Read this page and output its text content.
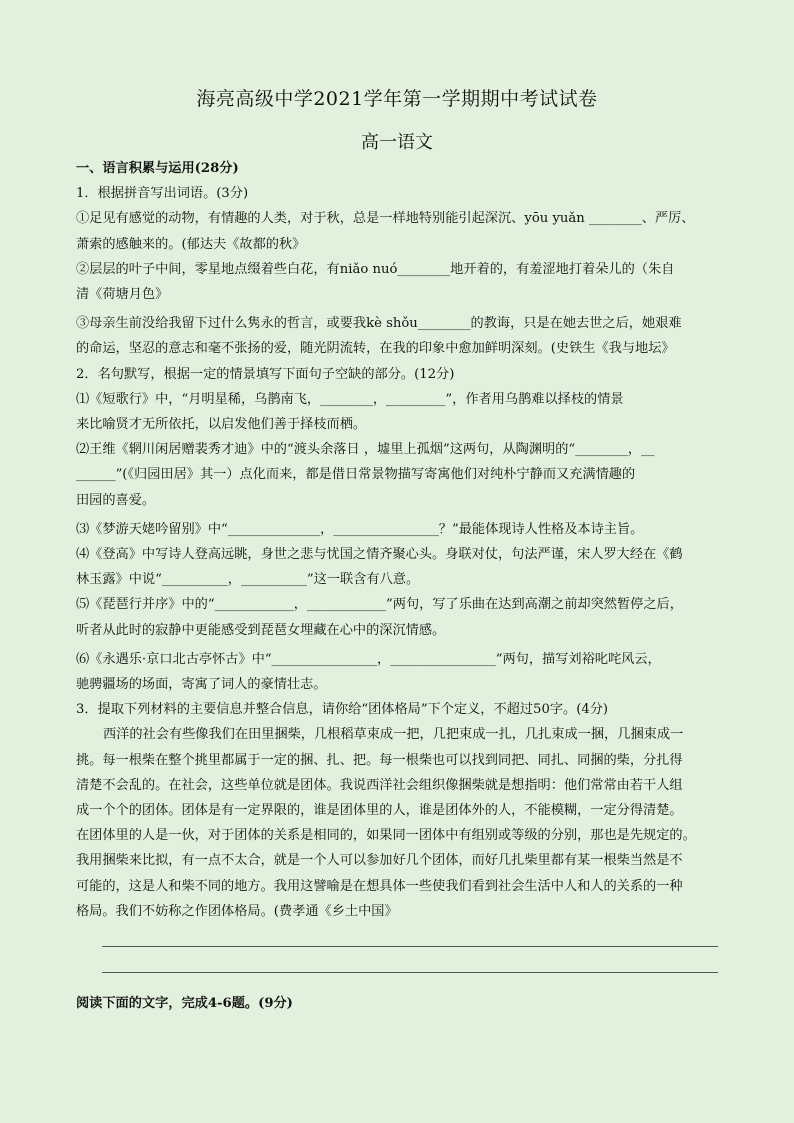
海亮高级中学2021学年第一学期期中考试试卷
高一语文
一、语言积累与运用(28分)
1．根据拼音写出词语。(3分)
①足见有感觉的动物，有情趣的人类，对于秋，总是一样地特别能引起深沉、yōu yuǎn ________、严厉、
萧索的感触来的。(郁达夫《故都的秋》
②层层的叶子中间，零星地点缀着些白花，有niǎo nuó________地开着的，有羞涩地打着朵儿的（朱自
清《荷塘月色》
③母亲生前没给我留下过什么隽永的哲言，或要我kè shǒu________的教诲，只是在她去世之后，她艰难
的命运，坚忍的意志和毫不张扬的爱，随光阴流转，在我的印象中愈加鲜明深刻。(史铁生《我与地坛》
2．名句默写，根据一定的情景填写下面句子空缺的部分。(12分)
⑴《短歌行》中，“月明星稀，乌鹊南飞，________，_________”，作者用乌鹊难以择枝的情景
来比喻贤才无所依托，以启发他们善于择枝而栖。
⑵王维《辋川闲居赠裴秀才迪》中的“渡头余落日 ，墟里上孤烟”这两句，从陶渊明的“________，__
______”(《归园田居》其一）点化而来，都是借日常景物描写寄寓他们对纯朴宁静而又充满情趣的
田园的喜爱。
⑶《梦游天姥吟留别》中“______________，________________？”最能体现诗人性格及本诗主旨。
⑷《登高》中写诗人登高远眺，身世之悲与忧国之情齐聚心头。身联对仗，句法严谨，宋人罗大经在《鹤
林玉露》中说“__________，__________”这一联含有八意。
⑸《琵琶行并序》中的“____________，____________”两句，写了乐曲在达到高潮之前却突然暂停之后，
听者从此时的寂静中更能感受到琵琶女埋藏在心中的深沉情感。
⑹《永遇乐·京口北古亭怀古》中“________________，________________”两句，描写刘裕叱咤风云，
驰骋疆场的场面，寄寓了词人的豪情壮志。
3．提取下列材料的主要信息并整合信息，请你给“团体格局”下个定义，不超过50字。(4分)
西洋的社会有些像我们在田里捆柴，几根稻草束成一把，几把束成一扎，几扎束成一捆，几捆束成一
挑。每一根柴在整个挑里都属于一定的捆、扎、把。每一根柴也可以找到同把、同扎、同捆的柴，分扎得
清楚不会乱的。在社会，这些单位就是团体。我说西洋社会组织像捆柴就是想指明：他们常常由若干人组
成一个个的团体。团体是有一定界限的，谁是团体里的人，谁是团体外的人，不能模糊，一定分得清楚。
在团体里的人是一伙，对于团体的关系是相同的，如果同一团体中有组别或等级的分别，那也是先规定的。
我用捆柴来比拟，有一点不太合，就是一个人可以参加好几个团体，而好几扎柴里都有某一根柴当然是不
可能的，这是人和柴不同的地方。我用这譬喻是在想具体一些使我们看到社会生活中人和人的关系的一种
格局。我们不妨称之作团体格局。(费孝通《乡土中国》
阅读下面的文字，完成4-6题。(9分)
